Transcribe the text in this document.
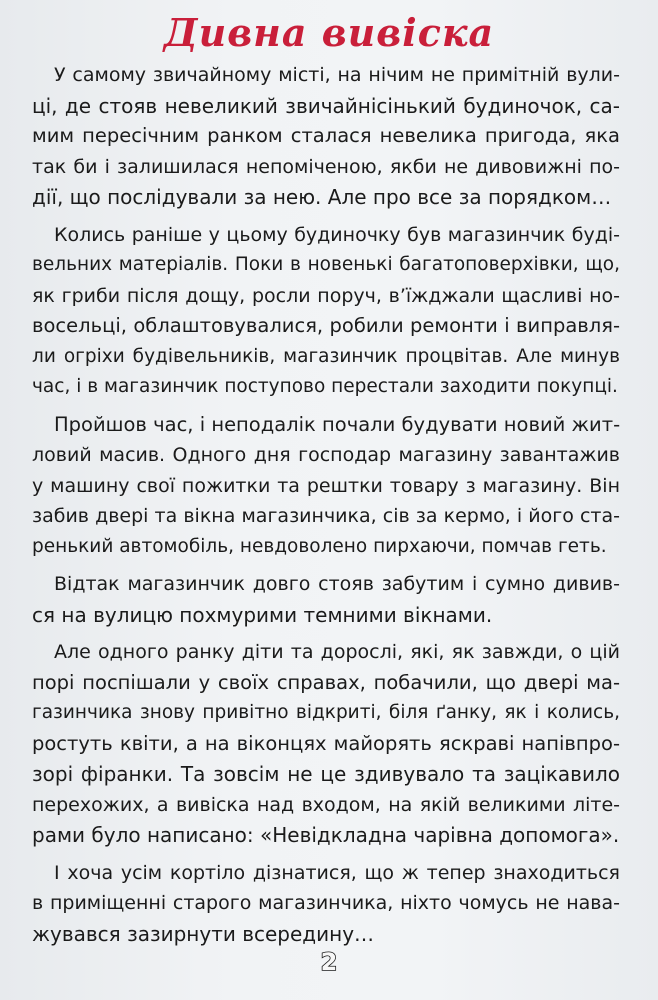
Дивна вивіска
У самому звичайному місті, на нічим не примітній вули-
ці, де стояв невеликий звичайнісінький будиночок, са-
мим пересічним ранком сталася невелика пригода, яка
так би і залишилася непоміченою, якби не дивовижні по-
дії, що послідували за нею. Але про все за порядком…
Колись раніше у цьому будиночку був магазинчик буді-
вельних матеріалів. Поки в новенькі багатоповерхівки, що,
як гриби після дощу, росли поруч, в’їжджали щасливі но-
восельці, облаштовувалися, робили ремонти і виправля-
ли огріхи будівельників, магазинчик процвітав. Але минув
час, і в магазинчик поступово перестали заходити покупці.
Пройшов час, і неподалік почали будувати новий жит-
ловий масив. Одного дня господар магазину завантажив
у машину свої пожитки та рештки товару з магазину. Він
забив двері та вікна магазинчика, сів за кермо, і його ста-
ренький автомобіль, невдоволено пирхаючи, помчав геть.
Відтак магазинчик довго стояв забутим і сумно дивив-
ся на вулицю похмурими темними вікнами.
Але одного ранку діти та дорослі, які, як завжди, о цій
порі поспішали у своїх справах, побачили, що двері ма-
газинчика знову привітно відкриті, біля ґанку, як і колись,
ростуть квіти, а на віконцях майорять яскраві напівпро-
зорі фіранки. Та зовсім не це здивувало та зацікавило
перехожих, а вивіска над входом, на якій великими літе-
рами було написано: «Невідкладна чарівна допомога».
І хоча усім кортіло дізнатися, що ж тепер знаходиться
в приміщенні старого магазинчика, ніхто чомусь не нава-
жувався зазирнути всередину…
2
